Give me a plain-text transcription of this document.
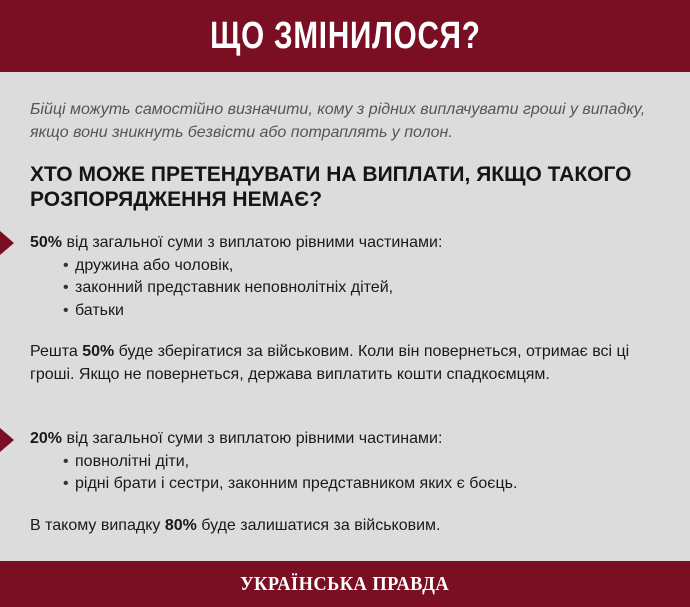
ЩО ЗМІНИЛОСЯ?
Бійці можуть самостійно визначити, кому з рідних виплачувати гроші у випадку, якщо вони зникнуть безвісти або потраплять у полон.
ХТО МОЖЕ ПРЕТЕНДУВАТИ НА ВИПЛАТИ, ЯКЩО ТАКОГО РОЗПОРЯДЖЕННЯ НЕМАЄ?

50% від загальної суми з виплатою рівними частинами:

• дружина або чоловік,
• законний представник неповнолітніх дітей,
• батьки

Решта 50% буде зберігатися за військовим. Коли він повернеться, отримає всі ці гроші. Якщо не повернеться, держава виплатить кошти спадкоємцям.

20% від загальної суми з виплатою рівними частинами:

• повнолітні діти,
• рідні брати і сестри, законним представником яких є боєць.

В такому випадку 80% буде залишатися за військовим.

УКРАЇНСЬКА ПРАВДА
